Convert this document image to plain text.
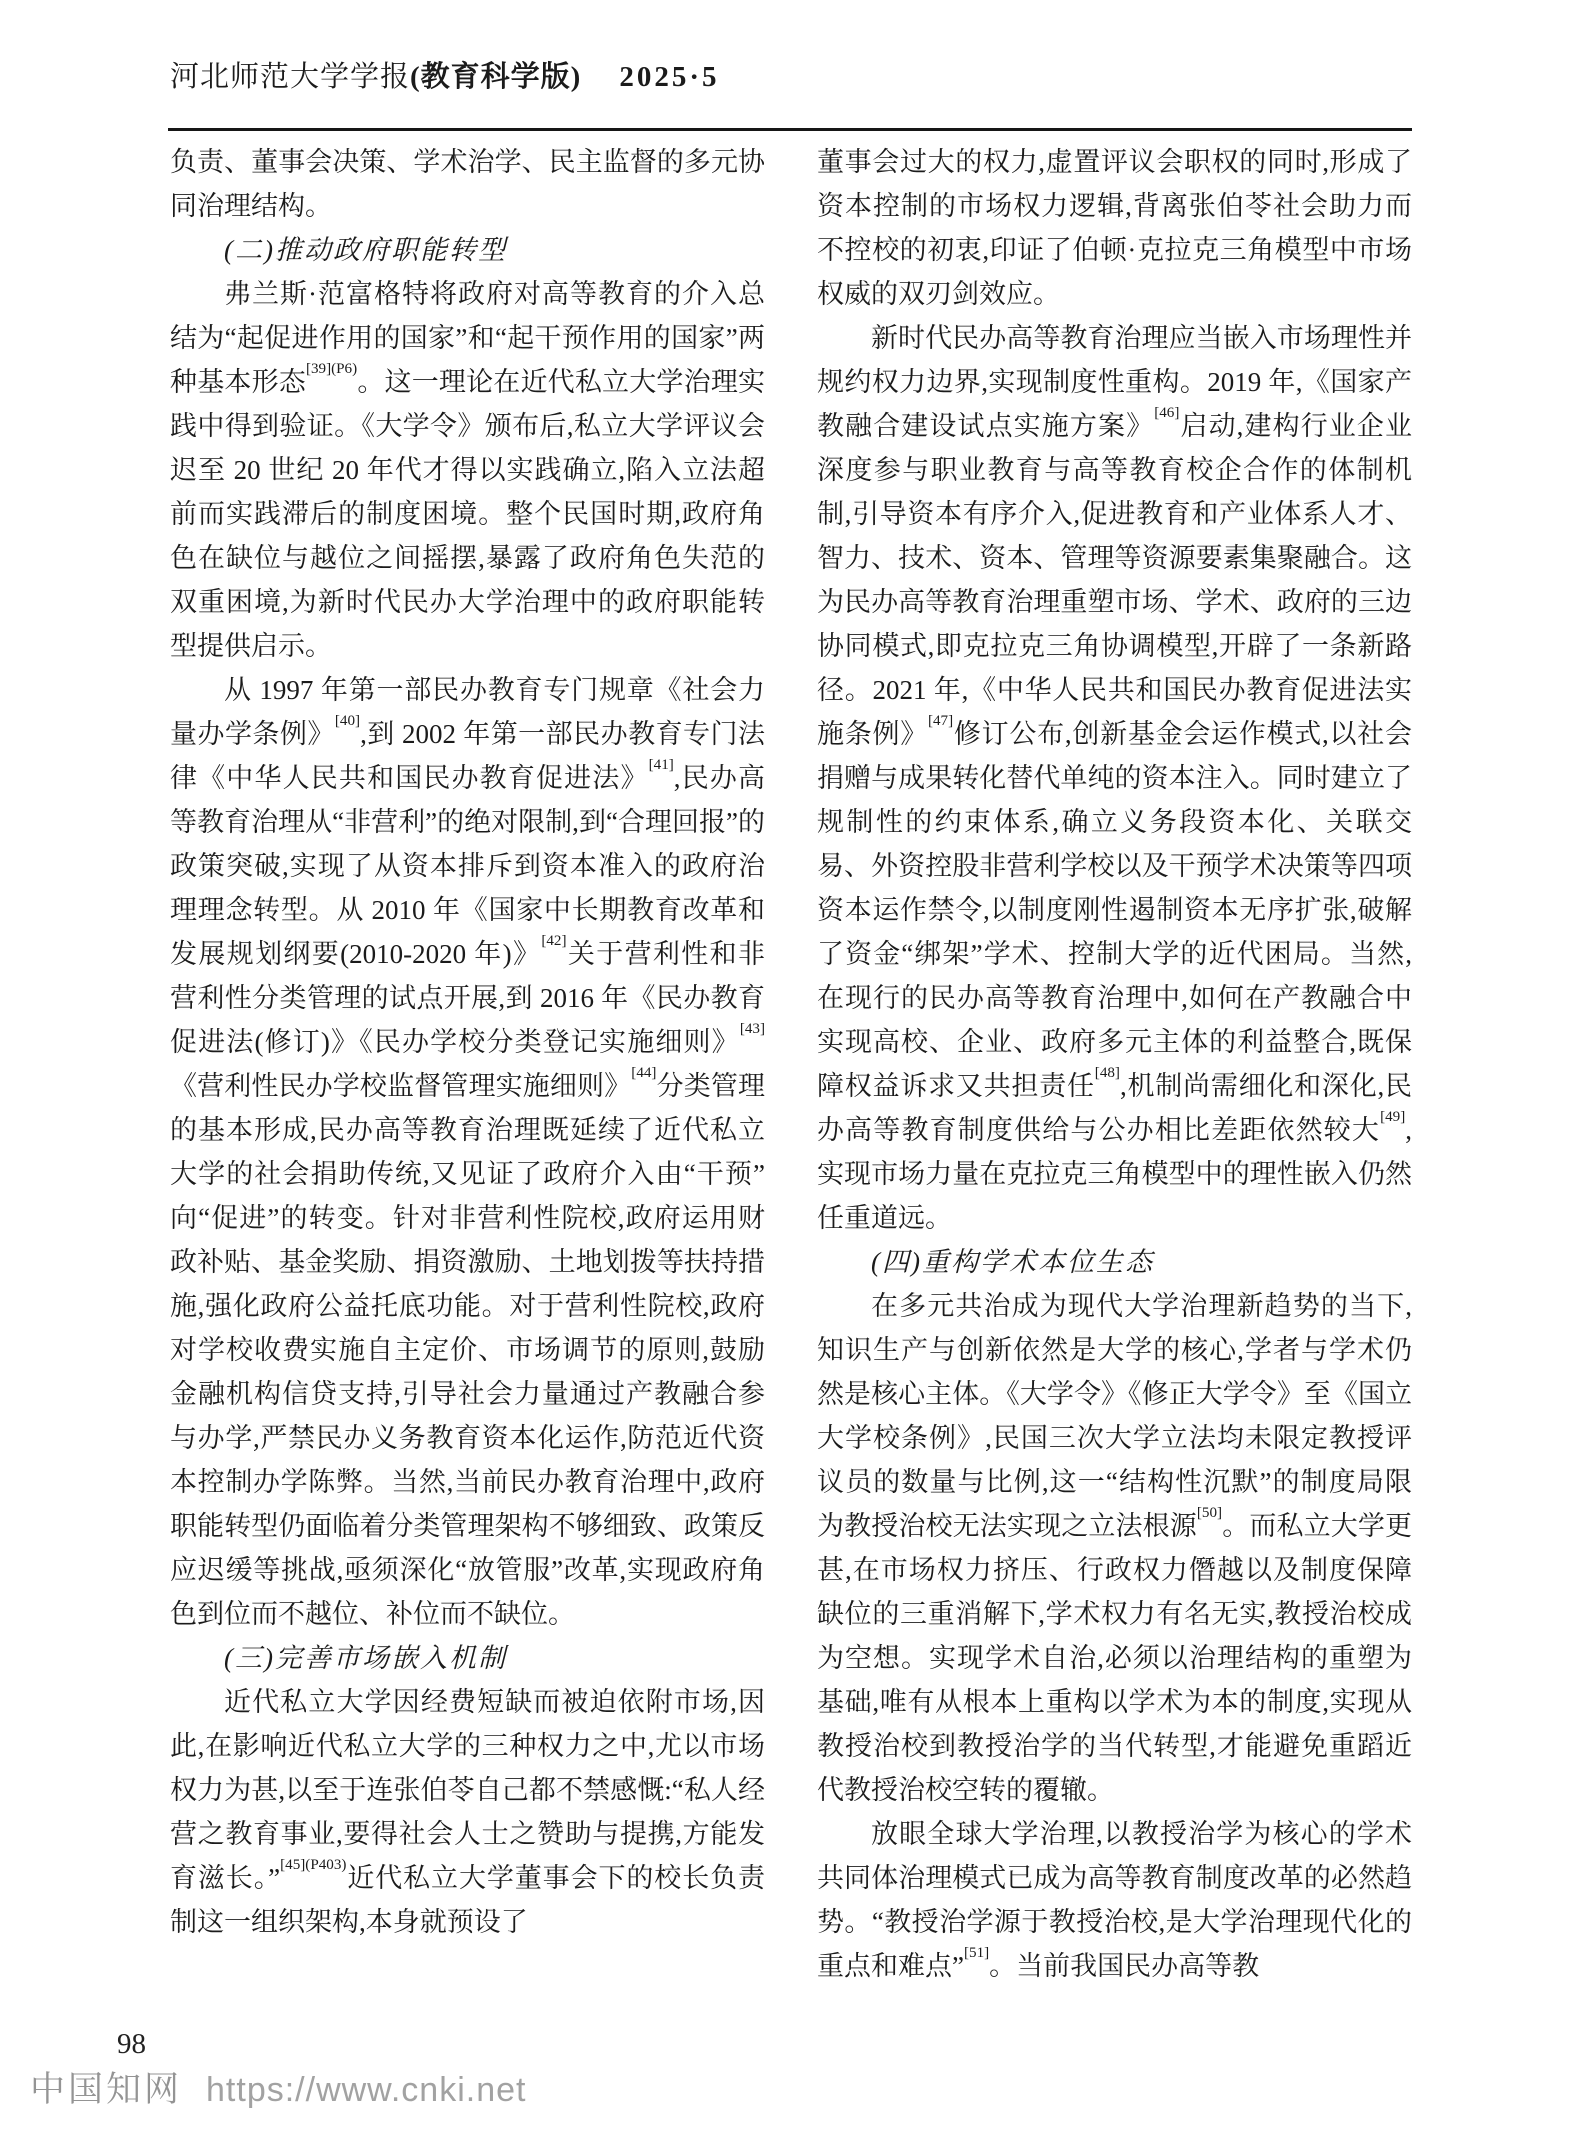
河北师范大学学报(教育科学版) 2025·5

负责、董事会决策、学术治学、民主监督的多元协同治理结构。

(二)推动政府职能转型

弗兰斯·范富格特将政府对高等教育的介入总结为“起促进作用的国家”和“起干预作用的国家”两种基本形态$^{[39](P6)}$。这一理论在近代私立大学治理实践中得到验证。《大学令》颁布后,私立大学评议会迟至 20 世纪 20 年代才得以实践确立,陷入立法超前而实践滞后的制度困境。整个民国时期,政府角色在缺位与越位之间摇摆,暴露了政府角色失范的双重困境,为新时代民办大学治理中的政府职能转型提供启示。

从 1997 年第一部民办教育专门规章《社会力量办学条例》[40],到 2002 年第一部民办教育专门法律《中华人民共和国民办教育促进法》[41],民办高等教育治理从“非营利”的绝对限制,到“合理回报”的政策突破,实现了从资本排斥到资本准入的政府治理理念转型。从 2010 年《国家中长期教育改革和发展规划纲要(2010-2020 年)》[42]关于营利性和非营利性分类管理的试点开展,到 2016 年《民办教育促进法(修订)》《民办学校分类登记实施细则》[43]《营利性民办学校监督管理实施细则》[44]分类管理的基本形成,民办高等教育治理既延续了近代私立大学的社会捐助传统,又见证了政府介入由“干预”向“促进”的转变。针对非营利性院校,政府运用财政补贴、基金奖励、捐资激励、土地划拨等扶持措施,强化政府公益托底功能。对于营利性院校,政府对学校收费实施自主定价、市场调节的原则,鼓励金融机构信贷支持,引导社会力量通过产教融合参与办学,严禁民办义务教育资本化运作,防范近代资本控制办学陈弊。当然,当前民办教育治理中,政府职能转型仍面临着分类管理架构不够细致、政策反应迟缓等挑战,亟须深化“放管服”改革,实现政府角色到位而不越位、补位而不缺位。

(三)完善市场嵌入机制

近代私立大学因经费短缺而被迫依附市场,因此,在影响近代私立大学的三种权力之中,尤以市场权力为甚,以至于连张伯苓自己都不禁感慨:“私人经营之教育事业,要得社会人士之赞助与提携,方能发育滋长。”$^{[45](P403)}$近代私立大学董事会下的校长负责制这一组织架构,本身就预设了

董事会过大的权力,虚置评议会职权的同时,形成了资本控制的市场权力逻辑,背离张伯苓社会助力而不控校的初衷,印证了伯顿·克拉克三角模型中市场权威的双刃剑效应。

新时代民办高等教育治理应当嵌入市场理性并规约权力边界,实现制度性重构。2019 年,《国家产教融合建设试点实施方案》[46]启动,建构行业企业深度参与职业教育与高等教育校企合作的体制机制,引导资本有序介入,促进教育和产业体系人才、智力、技术、资本、管理等资源要素集聚融合。这为民办高等教育治理重塑市场、学术、政府的三边协同模式,即克拉克三角协调模型,开辟了一条新路径。2021 年,《中华人民共和国民办教育促进法实施条例》[47]修订公布,创新基金会运作模式,以社会捐赠与成果转化替代单纯的资本注入。同时建立了规制性的约束体系,确立义务段资本化、关联交易、外资控股非营利学校以及干预学术决策等四项资本运作禁令,以制度刚性遏制资本无序扩张,破解了资金“绑架”学术、控制大学的近代困局。当然,在现行的民办高等教育治理中,如何在产教融合中实现高校、企业、政府多元主体的利益整合,既保障权益诉求又共担责任[48],机制尚需细化和深化,民办高等教育制度供给与公办相比差距依然较大[49],实现市场力量在克拉克三角模型中的理性嵌入仍然任重道远。

(四)重构学术本位生态

在多元共治成为现代大学治理新趋势的当下,知识生产与创新依然是大学的核心,学者与学术仍然是核心主体。《大学令》《修正大学令》至《国立大学校条例》,民国三次大学立法均未限定教授评议员的数量与比例,这一“结构性沉默”的制度局限为教授治校无法实现之立法根源[50]。而私立大学更甚,在市场权力挤压、行政权力僭越以及制度保障缺位的三重消解下,学术权力有名无实,教授治校成为空想。实现学术自治,必须以治理结构的重塑为基础,唯有从根本上重构以学术为本的制度,实现从教授治校到教授治学的当代转型,才能避免重蹈近代教授治校空转的覆辙。

放眼全球大学治理,以教授治学为核心的学术共同体治理模式已成为高等教育制度改革的必然趋势。“教授治学源于教授治校,是大学治理现代化的重点和难点”[51]。当前我国民办高等教

98
中国知网 https://www.cnki.net
